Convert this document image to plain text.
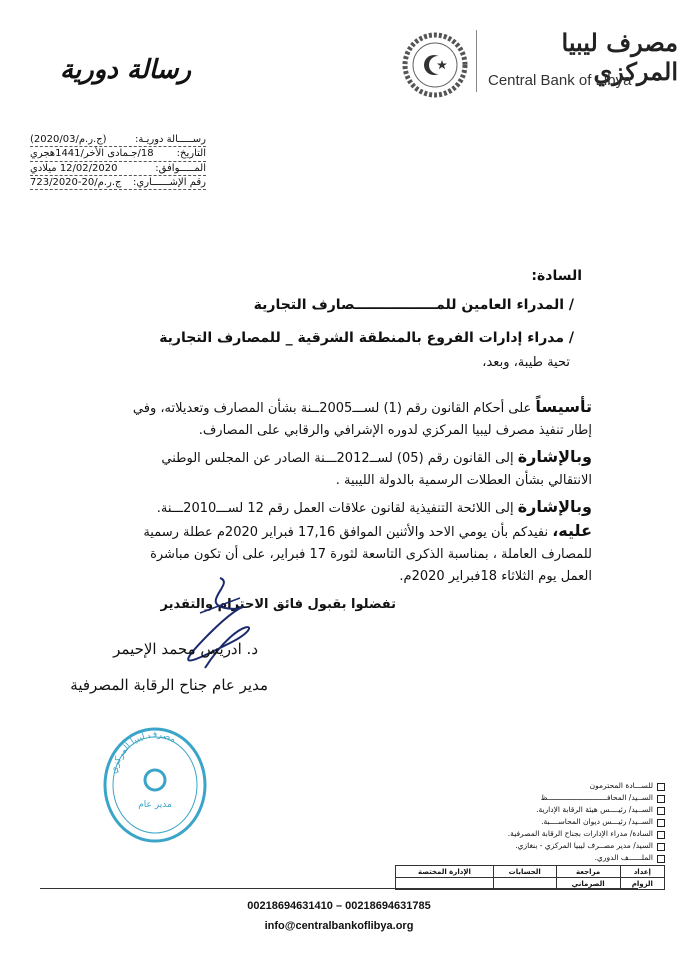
رسالة دورية
مصرف ليبيا المركزي
Central Bank of Libya
رســـــالة دوريـة:
(ج.ر.م/2020/03)
التاريخ:
18/جـمادى الأخر/1441هجري
المـــــوافق:
12/02/2020 ميلادي
رقم الإشــــــاري:
ج.ر.م/20-723/2020
السادة:
/ المدراء العامين للمـــــــــــــــــصارف التجارية
/ مدراء إدارات الفروع بالمنطقة الشرقية _ للمصارف التجارية
تحية طيبة، وبعد،
تأسيساً على أحكام القانون رقم (1) لســـ2005ــنة بشأن المصارف وتعديلاته، وفي إطار تنفيذ مصرف ليبيا المركزي لدوره الإشرافي والرقابي على المصارف.
وبالإشارة إلى القانون رقم (05) لســ2012ـــنة الصادر عن المجلس الوطني الانتقالي بشأن العطلات الرسمية بالدولة الليبية .
وبالإشارة إلى اللائحة التنفيذية لقانون علاقات العمل رقم 12 لســـ2010ـــنة.
عليه، نفيدكم بأن يومي الاحد والأثنين الموافق 17,16 فبراير 2020م عطلة رسمية للمصارف العاملة ، بمناسبة الذكرى التاسعة لثورة 17 فبراير، على أن تكون مباشرة العمل يوم الثلاثاء 18فبراير 2020م.
تفضلوا بقبول فائق الاحترام والتقدير
د. ادريس محمد الإحيمر
مدير عام جناح الرقابة المصرفية
مصرف ليبيا المركزي
مدير عام
للســـادة المحترمون
الســيد/ المحافـــــــــــــــــــــــــــظ
الســيد/ رئيــــس هيئة الرقابة الإدارية.
الســيد/ رئيـــس ديوان المحاســــبة.
السادة/ مدراء الإدارات بجناح الرقابة المصرفية.
السيد/ مدير مصــرف ليبيا المركزي - بنغازي.
الملــــــف الدوري.
إعداد	مراجعة	الحسابات	الإدارة المختصة
الزوام	الصرماني		
00218694631410 – 00218694631785
info@centralbankoflibya.org
